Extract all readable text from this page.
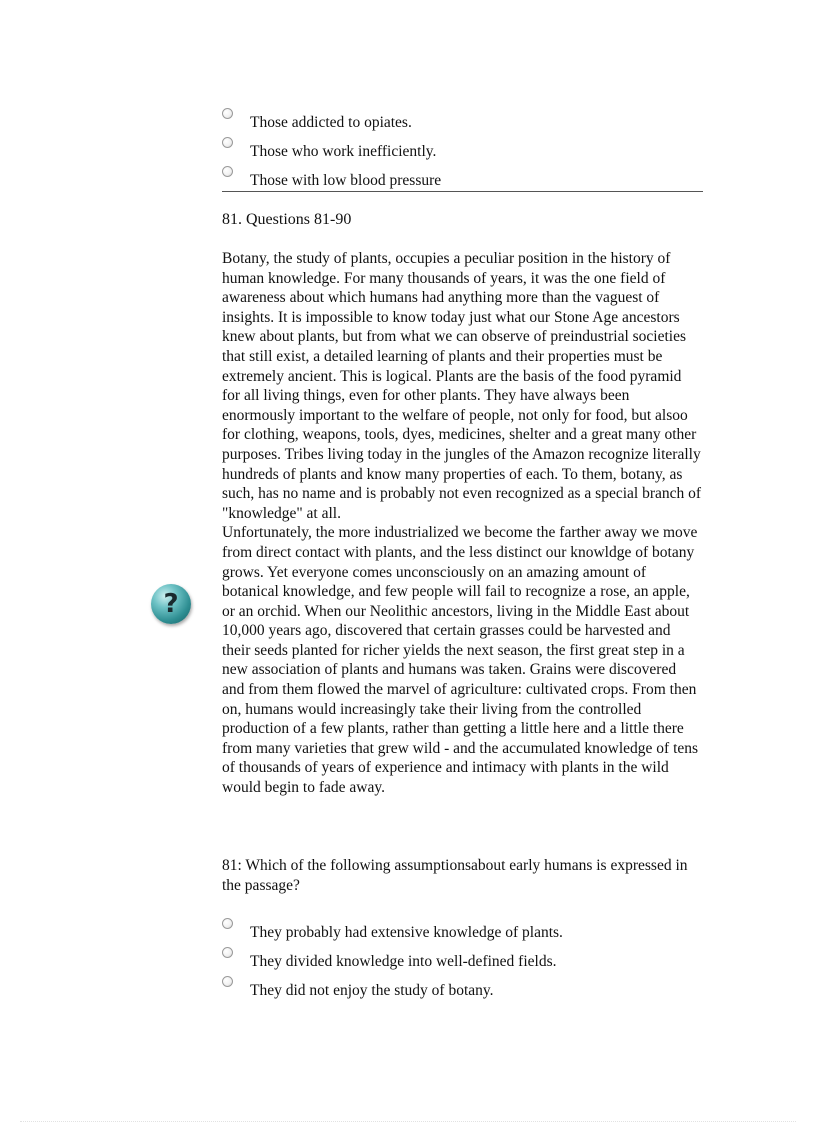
Those addicted to opiates.
Those who work inefficiently.
Those with low blood pressure
81. Questions 81-90

Botany, the study of plants, occupies a peculiar position in the history of human knowledge. For many thousands of years, it was the one field of awareness about which humans had anything more than the vaguest of insights. It is impossible to know today just what our Stone Age ancestors knew about plants, but from what we can observe of preindustrial societies that still exist, a detailed learning of plants and their properties must be extremely ancient. This is logical. Plants are the basis of the food pyramid for all living things, even for other plants. They have always been enormously important to the welfare of people, not only for food, but alsoo for clothing, weapons, tools, dyes, medicines, shelter and a great many other purposes. Tribes living today in the jungles of the Amazon recognize literally hundreds of plants and know many properties of each. To them, botany, as such, has no name and is probably not even recognized as a special branch of "knowledge" at all.

Unfortunately, the more industrialized we become the farther away we move from direct contact with plants, and the less distinct our knowldge of botany grows. Yet everyone comes unconsciously on an amazing amount of botanical knowledge, and few people will fail to recognize a rose, an apple, or an orchid. When our Neolithic ancestors, living in the Middle East about 10,000 years ago, discovered that certain grasses could be harvested and their seeds planted for richer yields the next season, the first great step in a new association of plants and humans was taken. Grains were discovered and from them flowed the marvel of agriculture: cultivated crops. From then on, humans would increasingly take their living from the controlled production of a few plants, rather than getting a little here and a little there from many varieties that grew wild - and the accumulated knowledge of tens of thousands of years of experience and intimacy with plants in the wild would begin to fade away.

?
81: Which of the following assumptionsabout early humans is expressed in the passage?
They probably had extensive knowledge of plants.
They divided knowledge into well-defined fields.
They did not enjoy the study of botany.
